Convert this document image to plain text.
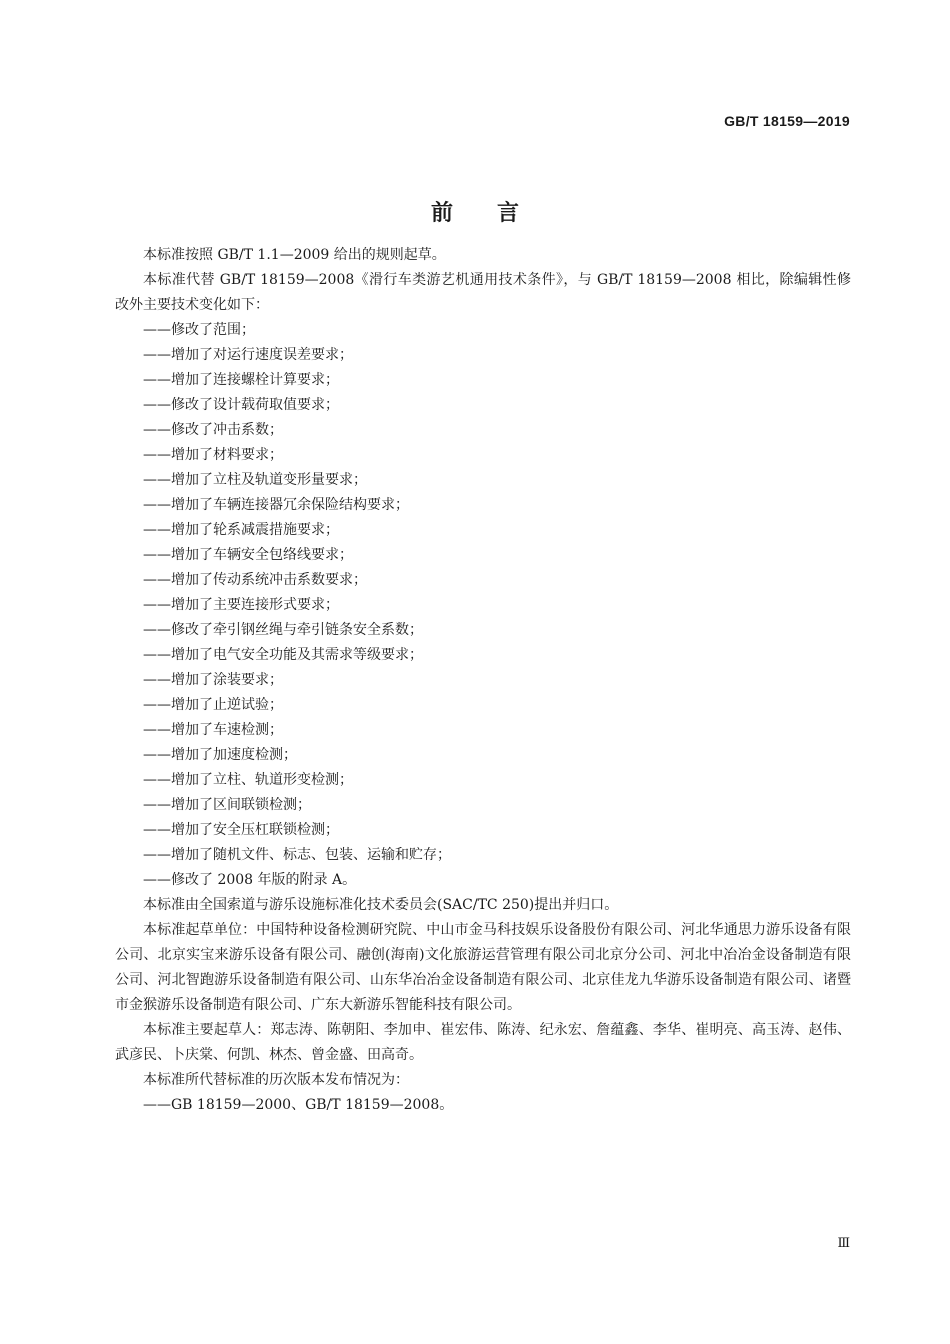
GB/T 18159—2019
前言

本标准按照 GB/T 1.1—2009 给出的规则起草。

本标准代替 GB/T 18159—2008《滑行车类游艺机通用技术条件》，与 GB/T 18159—2008 相比，除编辑性修改外主要技术变化如下：

——修改了范围；
——增加了对运行速度误差要求；
——增加了连接螺栓计算要求；
——修改了设计载荷取值要求；
——修改了冲击系数；
——增加了材料要求；
——增加了立柱及轨道变形量要求；
——增加了车辆连接器冗余保险结构要求；
——增加了轮系减震措施要求；
——增加了车辆安全包络线要求；
——增加了传动系统冲击系数要求；
——增加了主要连接形式要求；
——修改了牵引钢丝绳与牵引链条安全系数；
——增加了电气安全功能及其需求等级要求；
——增加了涂装要求；
——增加了止逆试验；
——增加了车速检测；
——增加了加速度检测；
——增加了立柱、轨道形变检测；
——增加了区间联锁检测；
——增加了安全压杠联锁检测；
——增加了随机文件、标志、包装、运输和贮存；
——修改了 2008 年版的附录 A。

本标准由全国索道与游乐设施标准化技术委员会(SAC/TC 250)提出并归口。

本标准起草单位：中国特种设备检测研究院、中山市金马科技娱乐设备股份有限公司、河北华通思力游乐设备有限公司、北京实宝来游乐设备有限公司、融创(海南)文化旅游运营管理有限公司北京分公司、河北中冶冶金设备制造有限公司、河北智跑游乐设备制造有限公司、山东华冶冶金设备制造有限公司、北京佳龙九华游乐设备制造有限公司、诸暨市金猴游乐设备制造有限公司、广东大新游乐智能科技有限公司。

本标准主要起草人：郑志涛、陈朝阳、李加申、崔宏伟、陈涛、纪永宏、詹蕴鑫、李华、崔明亮、高玉涛、赵伟、武彦民、卜庆棠、何凯、林杰、曾金盛、田高奇。

本标准所代替标准的历次版本发布情况为：

——GB 18159—2000、GB/T 18159—2008。

Ⅲ
